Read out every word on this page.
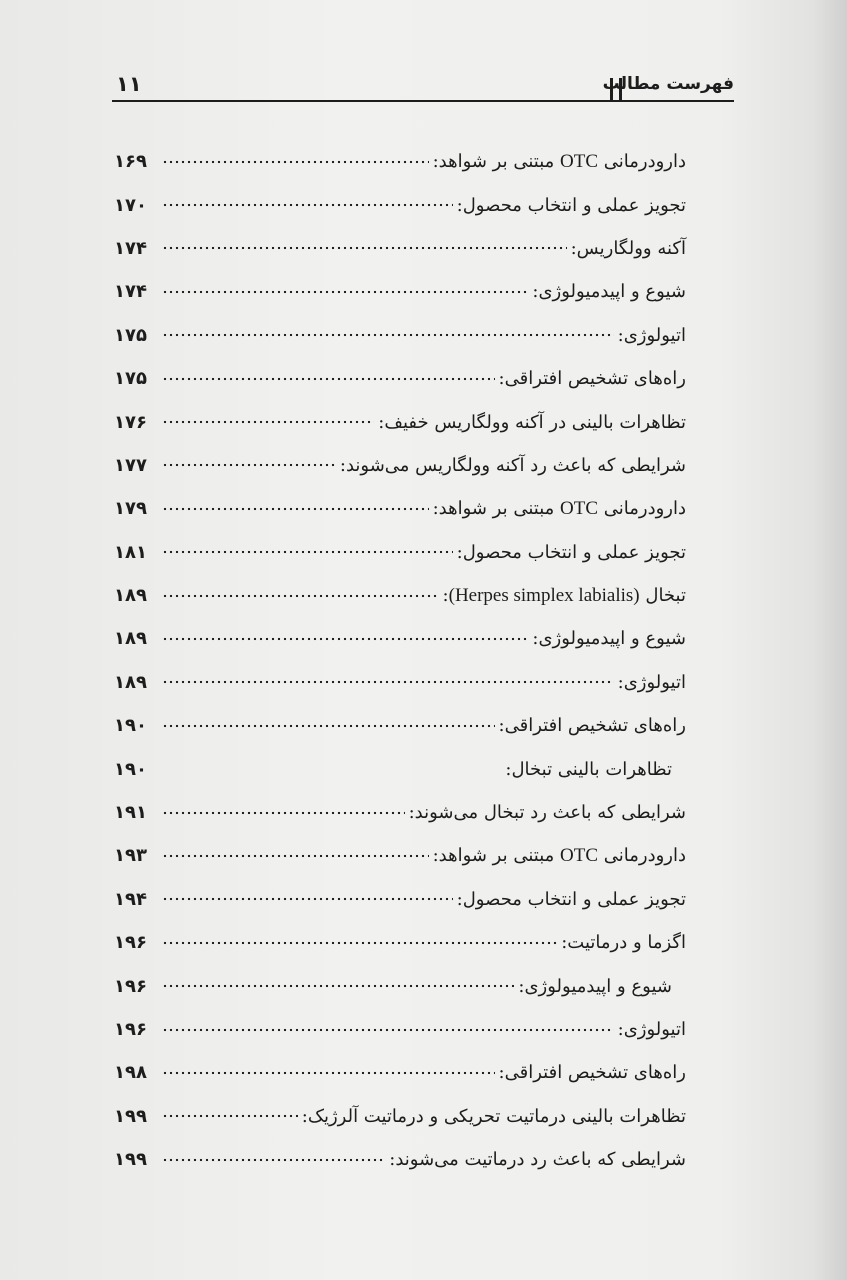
فهرست مطالب
۱۱
دارودرمانی OTC مبتنی بر شواهد:
۱۶۹
تجویز عملی و انتخاب محصول:
۱۷۰
آکنه وولگاریس:
۱۷۴
شیوع و اپیدمیولوژی:
۱۷۴
اتیولوژی:
۱۷۵
راه‌های تشخیص افتراقی:
۱۷۵
تظاهرات بالینی در آکنه وولگاریس خفیف:
۱۷۶
شرایطی که باعث رد آکنه وولگاریس می‌شوند:
۱۷۷
دارودرمانی OTC مبتنی بر شواهد:
۱۷۹
تجویز عملی و انتخاب محصول:
۱۸۱
تبخال (Herpes simplex labialis):
۱۸۹
شیوع و اپیدمیولوژی:
۱۸۹
اتیولوژی:
۱۸۹
راه‌های تشخیص افتراقی:
۱۹۰
تظاهرات بالینی تبخال:
۱۹۰
شرایطی که باعث رد تبخال می‌شوند:
۱۹۱
دارودرمانی OTC مبتنی بر شواهد:
۱۹۳
تجویز عملی و انتخاب محصول:
۱۹۴
اگزما و درماتیت:
۱۹۶
شیوع و اپیدمیولوژی:
۱۹۶
اتیولوژی:
۱۹۶
راه‌های تشخیص افتراقی:
۱۹۸
تظاهرات بالینی درماتیت تحریکی و درماتیت آلرژیک:
۱۹۹
شرایطی که باعث رد درماتیت می‌شوند:
۱۹۹
